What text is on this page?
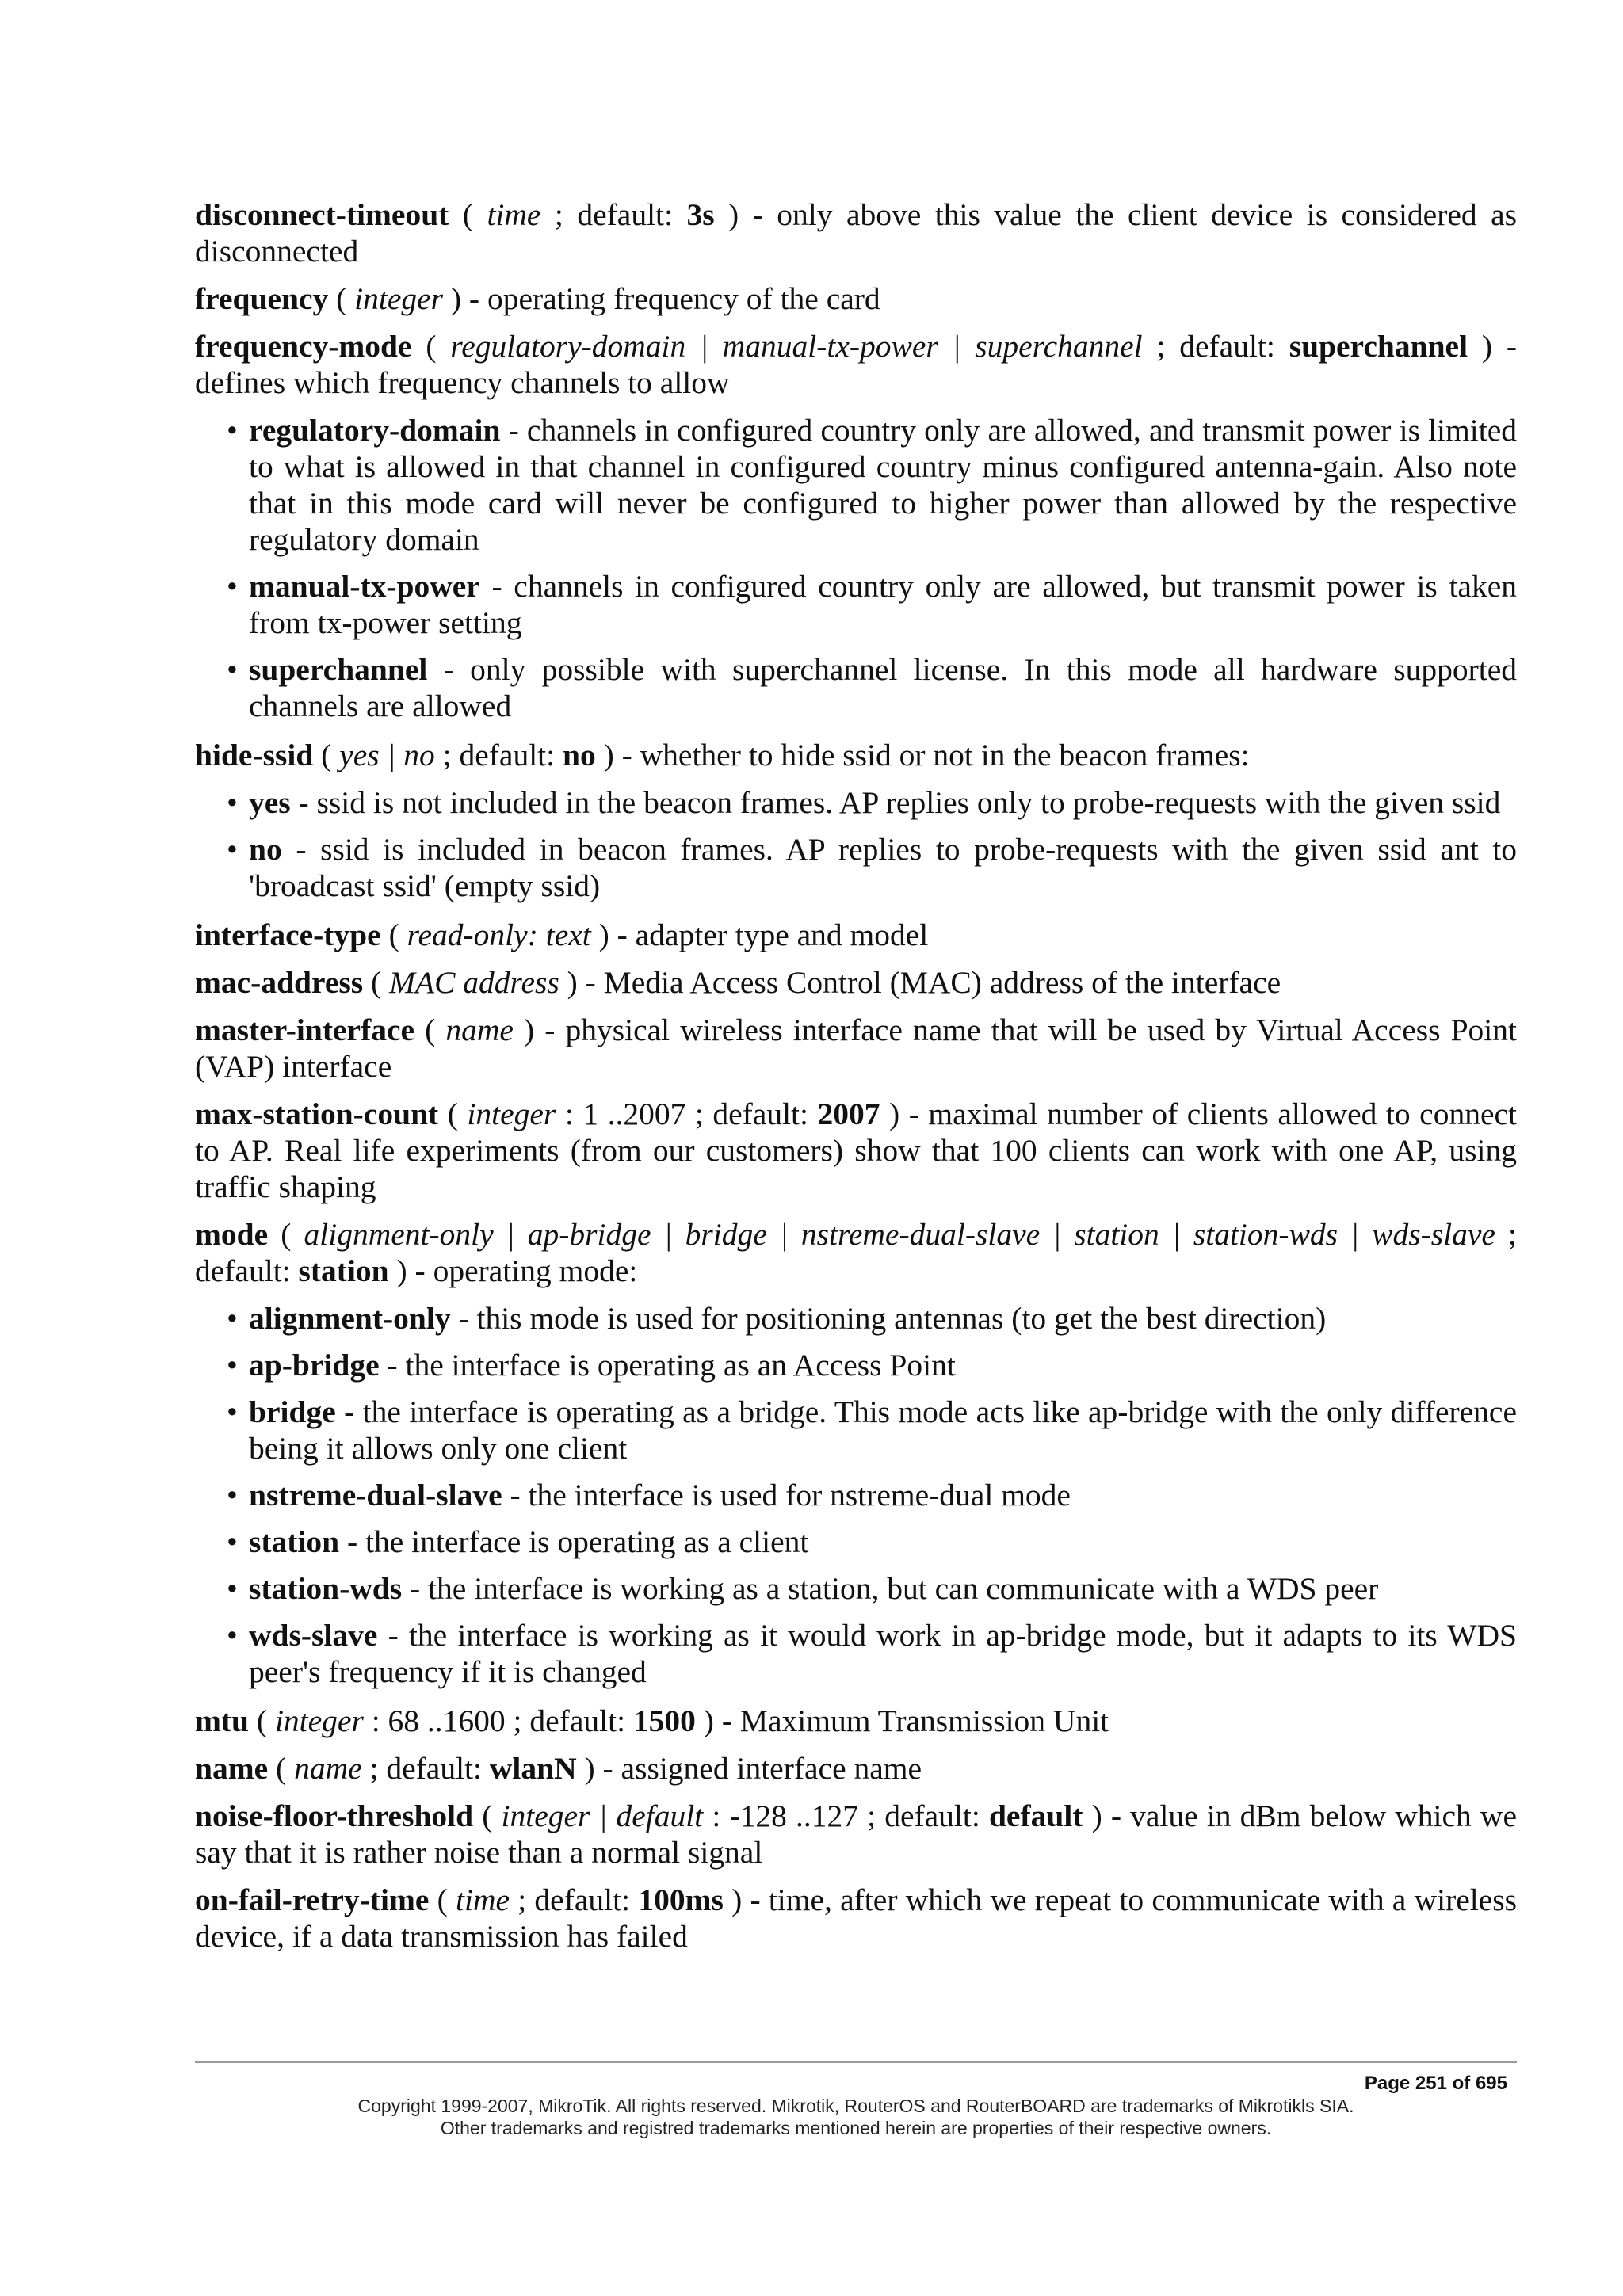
disconnect-timeout ( time ; default: 3s ) - only above this value the client device is considered as disconnected
frequency ( integer ) - operating frequency of the card
frequency-mode ( regulatory-domain | manual-tx-power | superchannel ; default: superchannel ) - defines which frequency channels to allow
• regulatory-domain - channels in configured country only are allowed, and transmit power is limited to what is allowed in that channel in configured country minus configured antenna-gain. Also note that in this mode card will never be configured to higher power than allowed by the respective regulatory domain
• manual-tx-power - channels in configured country only are allowed, but transmit power is taken from tx-power setting
• superchannel - only possible with superchannel license. In this mode all hardware supported channels are allowed
hide-ssid ( yes | no ; default: no ) - whether to hide ssid or not in the beacon frames:
• yes - ssid is not included in the beacon frames. AP replies only to probe-requests with the given ssid
• no - ssid is included in beacon frames. AP replies to probe-requests with the given ssid ant to 'broadcast ssid' (empty ssid)
interface-type ( read-only: text ) - adapter type and model
mac-address ( MAC address ) - Media Access Control (MAC) address of the interface
master-interface ( name ) - physical wireless interface name that will be used by Virtual Access Point (VAP) interface
max-station-count ( integer : 1 ..2007 ; default: 2007 ) - maximal number of clients allowed to connect to AP. Real life experiments (from our customers) show that 100 clients can work with one AP, using traffic shaping
mode ( alignment-only | ap-bridge | bridge | nstreme-dual-slave | station | station-wds | wds-slave ; default: station ) - operating mode:
• alignment-only - this mode is used for positioning antennas (to get the best direction)
• ap-bridge - the interface is operating as an Access Point
• bridge - the interface is operating as a bridge. This mode acts like ap-bridge with the only difference being it allows only one client
• nstreme-dual-slave - the interface is used for nstreme-dual mode
• station - the interface is operating as a client
• station-wds - the interface is working as a station, but can communicate with a WDS peer
• wds-slave - the interface is working as it would work in ap-bridge mode, but it adapts to its WDS peer's frequency if it is changed
mtu ( integer : 68 ..1600 ; default: 1500 ) - Maximum Transmission Unit
name ( name ; default: wlanN ) - assigned interface name
noise-floor-threshold ( integer | default : -128 ..127 ; default: default ) - value in dBm below which we say that it is rather noise than a normal signal
on-fail-retry-time ( time ; default: 100ms ) - time, after which we repeat to communicate with a wireless device, if a data transmission has failed
Page 251 of 695
Copyright 1999-2007, MikroTik. All rights reserved. Mikrotik, RouterOS and RouterBOARD are trademarks of Mikrotikls SIA.
Other trademarks and registred trademarks mentioned herein are properties of their respective owners.
